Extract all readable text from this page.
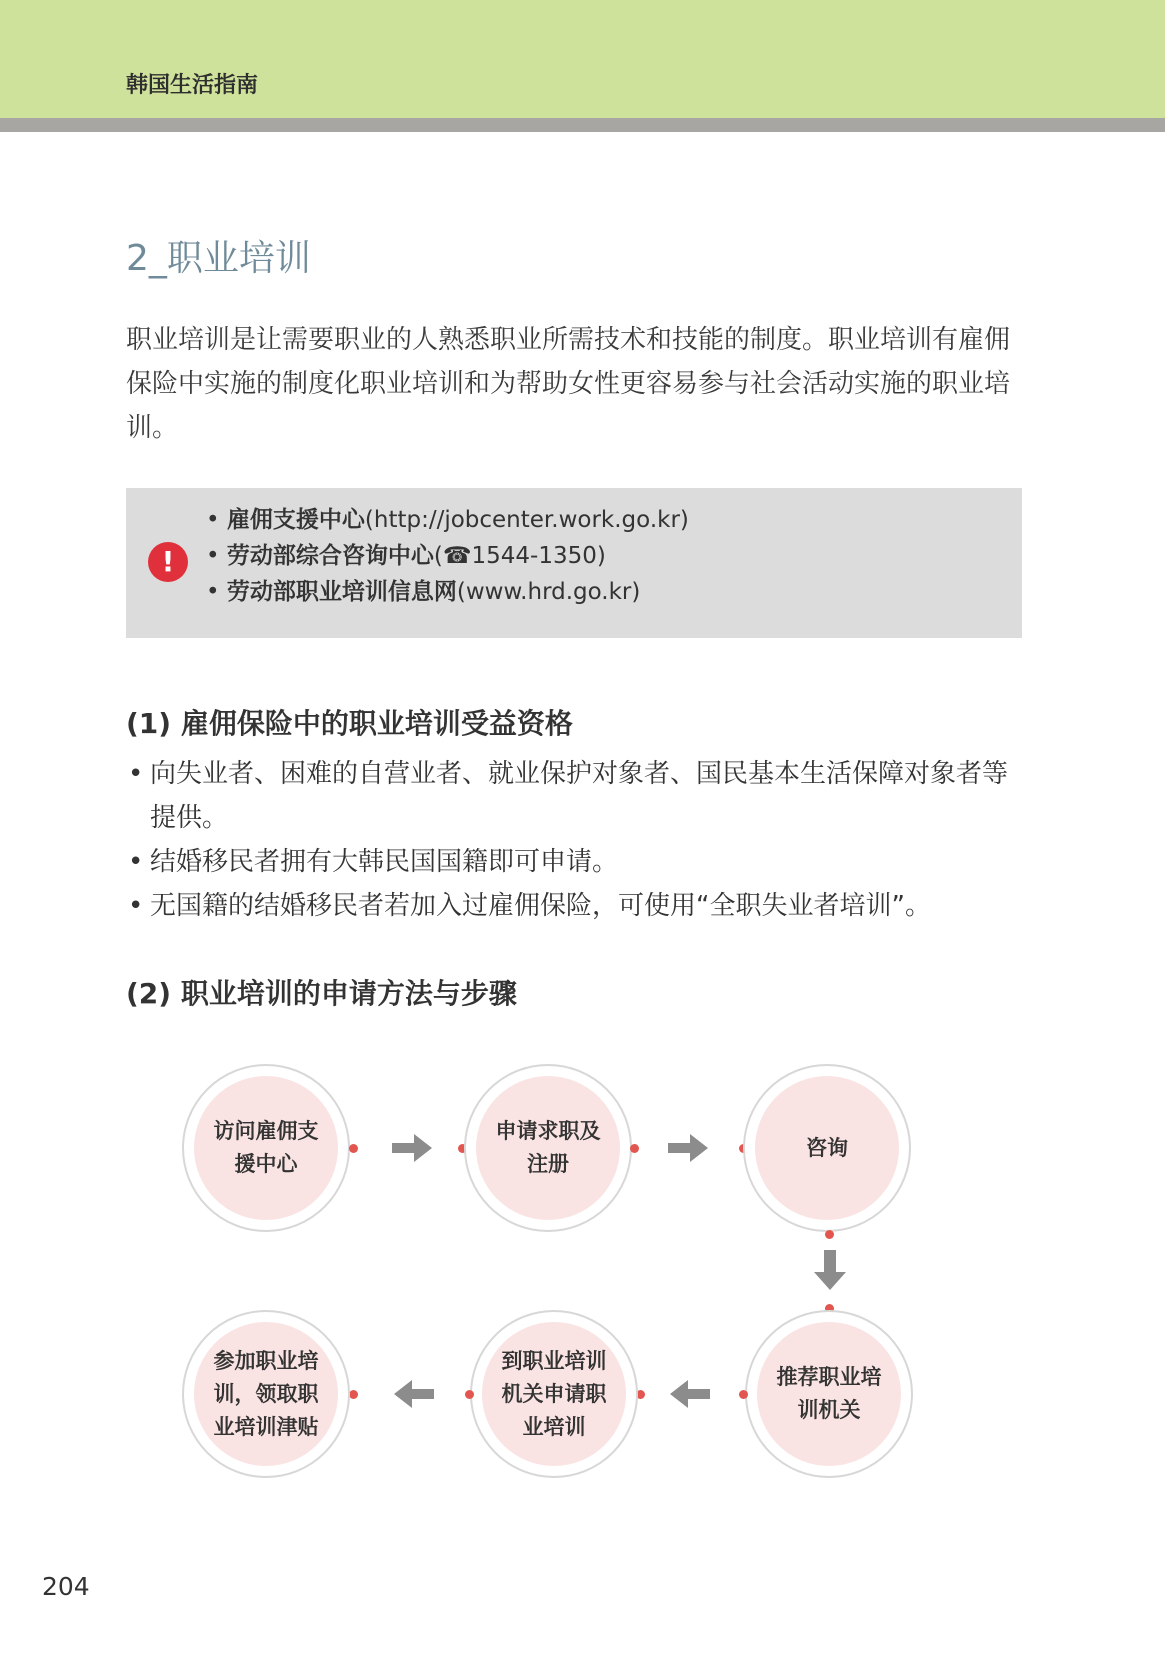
韩国生活指南
2_职业培训
职业培训是让需要职业的人熟悉职业所需技术和技能的制度。职业培训有雇佣保险中实施的制度化职业培训和为帮助女性更容易参与社会活动实施的职业培训。
!
• 雇佣支援中心(http://jobcenter.work.go.kr)
• 劳动部综合咨询中心(☎1544-1350)
• 劳动部职业培训信息网(www.hrd.go.kr)
(1) 雇佣保险中的职业培训受益资格
• 向失业者、困难的自营业者、就业保护对象者、国民基本生活保障对象者等提供。
• 结婚移民者拥有大韩民国国籍即可申请。
• 无国籍的结婚移民者若加入过雇佣保险，可使用“全职失业者培训”。
(2) 职业培训的申请方法与步骤
访问雇佣支援中心
申请求职及注册
咨询
推荐职业培训机关
到职业培训机关申请职业培训
参加职业培训，领取职业培训津贴
204
